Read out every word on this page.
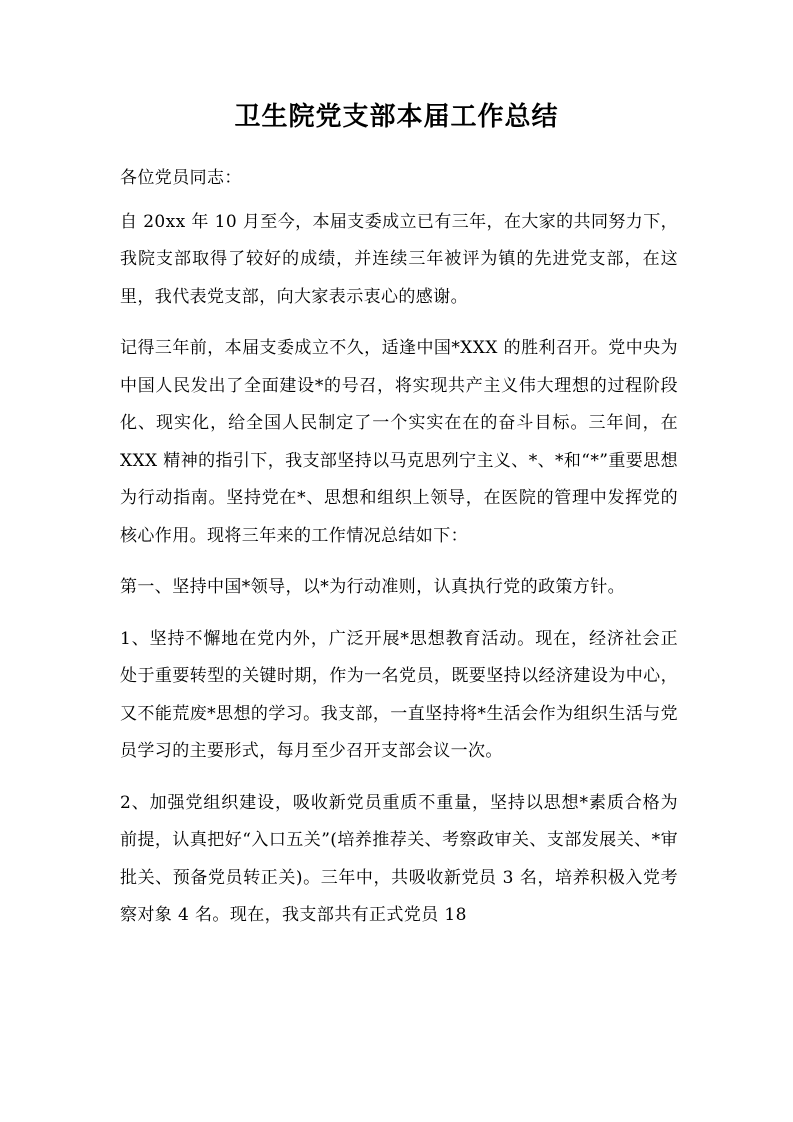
卫生院党支部本届工作总结

各位党员同志：

自 20xx 年 10 月至今，本届支委成立已有三年，在大家的共同努力下，我院支部取得了较好的成绩，并连续三年被评为镇的先进党支部，在这里，我代表党支部，向大家表示衷心的感谢。

记得三年前，本届支委成立不久，适逢中国*XXX 的胜利召开。党中央为中国人民发出了全面建设*的号召，将实现共产主义伟大理想的过程阶段化、现实化，给全国人民制定了一个实实在在的奋斗目标。三年间，在 XXX 精神的指引下，我支部坚持以马克思列宁主义、*、*和“*”重要思想为行动指南。坚持党在*、思想和组织上领导，在医院的管理中发挥党的核心作用。现将三年来的工作情况总结如下：

第一、坚持中国*领导，以*为行动准则，认真执行党的政策方针。

1、坚持不懈地在党内外，广泛开展*思想教育活动。现在，经济社会正处于重要转型的关键时期，作为一名党员，既要坚持以经济建设为中心，又不能荒废*思想的学习。我支部，一直坚持将*生活会作为组织生活与党员学习的主要形式，每月至少召开支部会议一次。

2、加强党组织建设，吸收新党员重质不重量，坚持以思想*素质合格为前提，认真把好“入口五关”(培养推荐关、考察政审关、支部发展关、*审批关、预备党员转正关)。三年中，共吸收新党员 3 名，培养积极入党考察对象 4 名。现在，我支部共有正式党员 18
